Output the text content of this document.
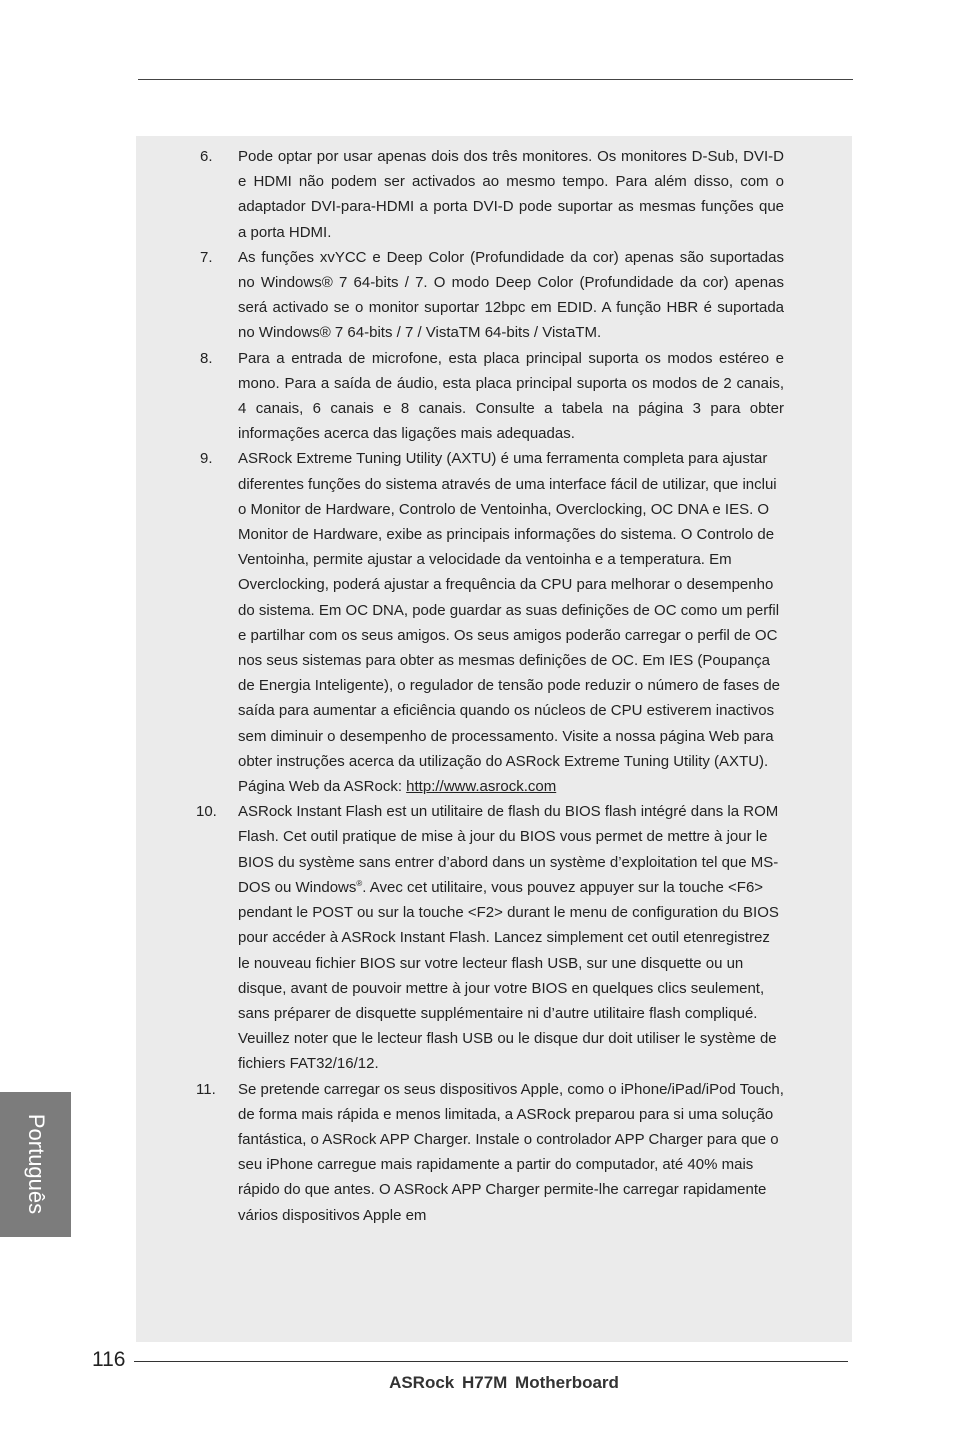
6.	Pode optar por usar apenas dois dos três monitores. Os monitores D-Sub, DVI-D e HDMI não podem ser activados ao mesmo tempo. Para além disso, com o adaptador DVI-para-HDMI a porta DVI-D pode suportar as mesmas funções que a porta HDMI.
7.	As funções xvYCC e Deep Color (Profundidade da cor) apenas são suportadas no Windows® 7 64-bits / 7. O modo Deep Color (Profundidade da cor) apenas será activado se o monitor suportar 12bpc em EDID. A função HBR é suportada no Windows® 7 64-bits / 7 / VistaTM 64-bits / VistaTM.
8.	Para a entrada de microfone, esta placa principal suporta os modos estéreo e mono. Para a saída de áudio, esta placa principal suporta os modos de 2 canais, 4 canais, 6 canais e 8 canais. Consulte a tabela na página 3 para obter informações acerca das ligações mais adequadas.
9.	ASRock Extreme Tuning Utility (AXTU) é uma ferramenta completa para ajustar diferentes funções do sistema através de uma interface fácil de utilizar, que inclui o Monitor de Hardware, Controlo de Ventoinha, Overclocking, OC DNA e IES. O Monitor de Hardware, exibe as principais informações do sistema. O Controlo de Ventoinha, permite ajustar a velocidade da ventoinha e a temperatura. Em Overclocking, poderá ajustar a frequência da CPU para melhorar o desempenho do sistema. Em OC DNA, pode guardar as suas definições de OC como um perfil e partilhar com os seus amigos. Os seus amigos poderão carregar o perfil de OC nos seus sistemas para obter as mesmas definições de OC. Em IES (Poupança de Energia Inteligente), o regulador de tensão pode reduzir o número de fases de saída para aumentar a eficiência quando os núcleos de CPU estiverem inactivos sem diminuir o desempenho de processamento. Visite a nossa página Web para obter instruções acerca da utilização do ASRock Extreme Tuning Utility (AXTU).
Página Web da ASRock: http://www.asrock.com
10.	ASRock Instant Flash est un utilitaire de flash du BIOS flash intégré dans la ROM Flash. Cet outil pratique de mise à jour du BIOS vous permet de mettre à jour le BIOS du système sans entrer d’abord dans un système d’exploitation tel que MS-DOS ou Windows®. Avec cet utilitaire, vous pouvez appuyer sur la touche <F6> pendant le POST ou sur la touche <F2> durant le menu de configuration du BIOS pour accéder à ASRock Instant Flash. Lancez simplement cet outil etenregistrez le nouveau fichier BIOS sur votre lecteur flash USB, sur une disquette ou un disque, avant de pouvoir mettre à jour votre BIOS en quelques clics seulement, sans préparer de disquette supplémentaire ni d’autre utilitaire flash compliqué. Veuillez noter que le lecteur flash USB ou le disque dur doit utiliser le système de fichiers FAT32/16/12.
11.	Se pretende carregar os seus dispositivos Apple, como o iPhone/iPad/iPod Touch, de forma mais rápida e menos limitada, a ASRock preparou para si uma solução fantástica, o ASRock APP Charger. Instale o controlador APP Charger para que o seu iPhone carregue mais rapidamente a partir do computador, até 40% mais rápido do que antes. O ASRock APP Charger permite-lhe carregar rapidamente vários dispositivos Apple em
Português
116
ASRock H77M Motherboard
